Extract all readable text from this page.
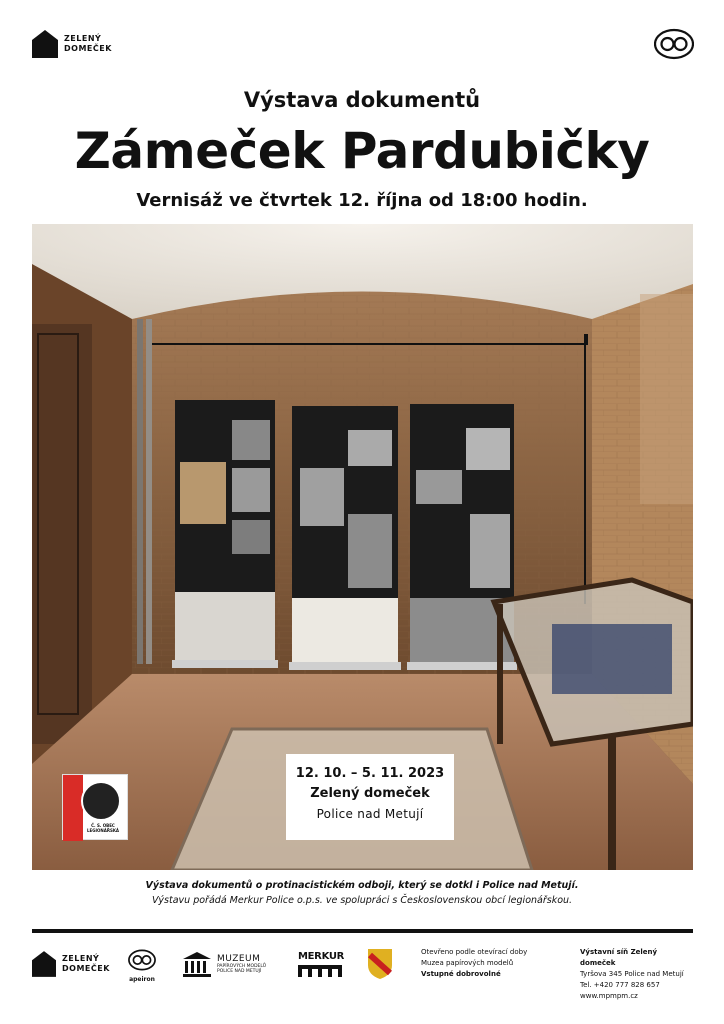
ZELENÝ
DOMEČEK
Výstava dokumentů
Zámeček Pardubičky
Vernisáž ve čtvrtek 12. října od 18:00 hodin.
12. 10. – 5. 11. 2023
Zelený domeček
Police nad Metují
Č. S. OBEC
LEGIONÁŘSKÁ
Výstava dokumentů o protinacistickém odboji, který se dotkl i Police nad Metují.
Výstavu pořádá Merkur Police o.p.s. ve spolupráci s Československou obcí legionářskou.
ZELENÝ
DOMEČEK
apeiron
MUZEUM
PAPÍROVÝCH MODELŮ
POLICE NAD METUJÍ
MERKUR	Otevřeno podle otevírací doby
Muzea papírových modelů
Vstupné dobrovolné
Výstavní síň Zelený domeček
Tyršova 345 Police nad Metují
Tel. +420 777 828 657
www.mpmpm.cz
